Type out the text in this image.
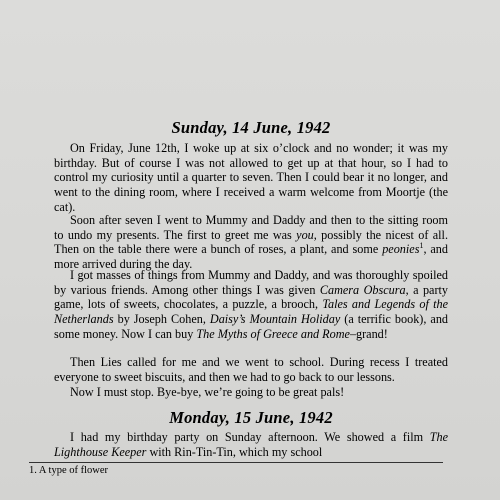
Sunday, 14 June, 1942

On Friday, June 12th, I woke up at six o’clock and no wonder; it was my birthday. But of course I was not allowed to get up at that hour, so I had to control my curiosity until a quarter to seven. Then I could bear it no longer, and went to the dining room, where I received a warm welcome from Moortje (the cat).

Soon after seven I went to Mummy and Daddy and then to the sitting room to undo my presents. The first to greet me was you, possibly the nicest of all. Then on the table there were a bunch of roses, a plant, and some peonies$^1$, and more arrived during the day.

I got masses of things from Mummy and Daddy, and was thoroughly spoiled by various friends. Among other things I was given Camera Obscura, a party game, lots of sweets, chocolates, a puzzle, a brooch, Tales and Legends of the Netherlands by Joseph Cohen, Daisy’s Mountain Holiday (a terrific book), and some money. Now I can buy The Myths of Greece and Rome–grand!

Then Lies called for me and we went to school. During recess I treated everyone to sweet biscuits, and then we had to go back to our lessons.

Now I must stop. Bye-bye, we’re going to be great pals!

Monday, 15 June, 1942

I had my birthday party on Sunday afternoon. We showed a film The Lighthouse Keeper with Rin-Tin-Tin, which my school

1. A type of flower
